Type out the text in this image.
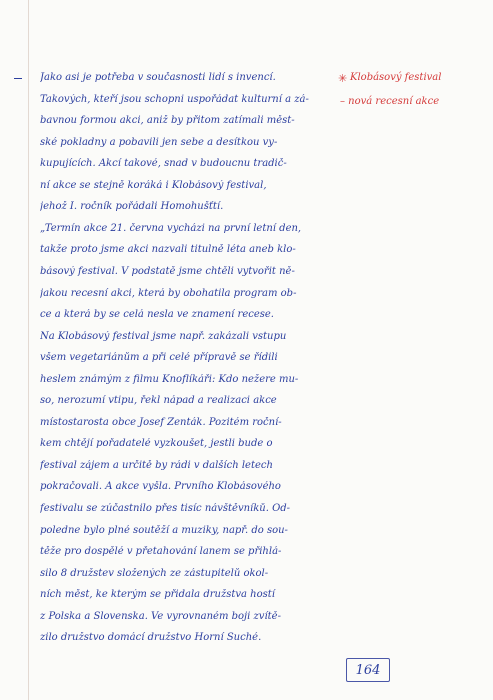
✳ Klobásový festival
– nová recesní akce
Jako asi je potřeba v současnosti lidí s invencí.
Takových, kteří jsou schopni uspořádat kulturní a zá-
bavnou formou akci, aniž by přitom zatímali měst-
ské pokladny a pobavili jen sebe a desítkou vy-
kupujících. Akcí takové, snad v budoucnu tradič-
ní akce se stejně koráká i Klobásový festival,
jehož I. ročník pořádali Homohušťtí.
„Termín akce 21. června vycházi na první letní den,
takže proto jsme akci nazvali titulně léta aneb klo-
básový festival. V podstatě jsme chtěli vytvořit ně-
jakou recesní akci, která by obohatila program ob-
ce a která by se celá nesla ve znamení recese.
Na Klobásový festival jsme např. zakázali vstupu
všem vegetariánům a při celé přípravě se řídili
heslem známým z filmu Knoflíkáři: Kdo nežere mu-
so, nerozumí vtipu, řekl nápad a realizaci akce
místostarosta obce Josef Ženták. Pozitém roční-
kem chtějí pořadatelé vyzkoušet, jestli bude o
festival zájem a určitě by rádi v dalších letech
pokračovali. A akce vyšla. Prvního Klobásového
festivalu se zúčastnilo přes tisíc návštěvníků. Od-
poledne bylo plné soutěží a muziky, např. do sou-
těže pro dospělé v přetahování lanem se přihlá-
silo 8 družstev složených ze zástupitelů okol-
ních měst, ke kterým se přidala družstva hostí
z Polska a Slovenska. Ve vyrovnaném boji zvítě-
zilo družstvo domácí družstvo Horní Suché.
164
